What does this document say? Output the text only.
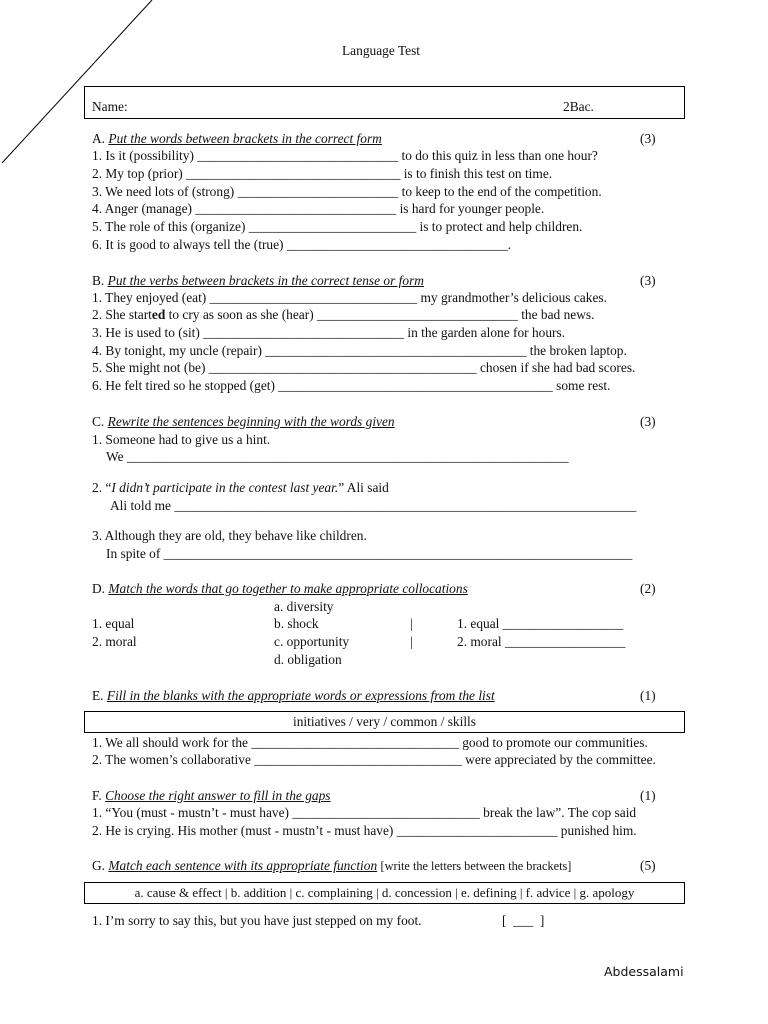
Language Test
Name:	2Bac.
A. Put the words between brackets in the correct form	(3)
1. Is it (possibility) ______________________________ to do this quiz in less than one hour?
2. My top (prior) ________________________________ is to finish this test on time.
3. We need lots of (strong) ________________________ to keep to the end of the competition.
4. Anger (manage) ______________________________ is hard for younger people.
5. The role of this (organize) _________________________ is to protect and help children.
6. It is good to always tell the (true) _________________________________.
B. Put the verbs between brackets in the correct tense or form	(3)
1. They enjoyed (eat) _______________________________ my grandmother’s delicious cakes.
2. She started to cry as soon as she (hear) ______________________________ the bad news.
3. He is used to (sit) ______________________________ in the garden alone for hours.
4. By tonight, my uncle (repair) _______________________________________ the broken laptop.
5. She might not (be) ________________________________________ chosen if she had bad scores.
6. He felt tired so he stopped (get) _________________________________________ some rest.
C. Rewrite the sentences beginning with the words given	(3)
1. Someone had to give us a hint.
We __________________________________________________________________
2. “I didn’t participate in the contest last year.” Ali said
Ali told me _____________________________________________________________________
3. Although they are old, they behave like children.
In spite of ______________________________________________________________________
D. Match the words that go together to make appropriate collocations	(2)
a. diversity
1. equal	b. shock	|	1. equal __________________
2. moral	c. opportunity	|	2. moral __________________
d. obligation
E. Fill in the blanks with the appropriate words or expressions from the list	(1)
initiatives / very / common / skills
1. We all should work for the _______________________________ good to promote our communities.
2. The women’s collaborative _______________________________ were appreciated by the committee.
F. Choose the right answer to fill in the gaps	(1)
1. “You (must - mustn’t - must have) ____________________________ break the law”. The cop said
2. He is crying. His mother (must - mustn’t - must have) ________________________ punished him.
G. Match each sentence with its appropriate function [write the letters between the brackets]	(5)
a. cause & effect | b. addition | c. complaining | d. concession | e. defining | f. advice | g. apology
1. I’m sorry to say this, but you have just stepped on my foot.	[  ___  ]
Abdessalami
